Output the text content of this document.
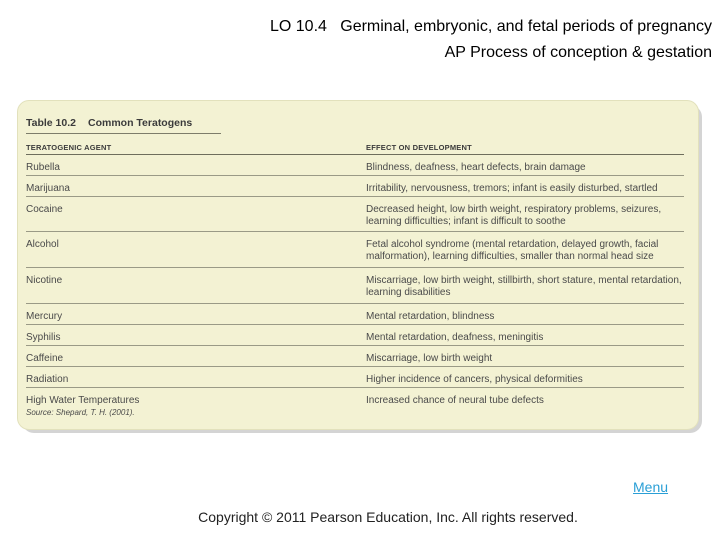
LO 10.4   Germinal, embryonic, and fetal periods of pregnancy
AP Process of conception & gestation
Table 10.2 Common Teratogens
TERATOGENIC AGENT	EFFECT ON DEVELOPMENT
Rubella	Blindness, deafness, heart defects, brain damage
Marijuana	Irritability, nervousness, tremors; infant is easily disturbed, startled
Cocaine	Decreased height, low birth weight, respiratory problems, seizures, learning difficulties; infant is difficult to soothe
Alcohol	Fetal alcohol syndrome (mental retardation, delayed growth, facial malformation), learning difficulties, smaller than normal head size
Nicotine	Miscarriage, low birth weight, stillbirth, short stature, mental retardation, learning disabilities
Mercury	Mental retardation, blindness
Syphilis	Mental retardation, deafness, meningitis
Caffeine	Miscarriage, low birth weight
Radiation	Higher incidence of cancers, physical deformities
High Water Temperatures	Increased chance of neural tube defects
Source: Shepard, T. H. (2001).
Menu
Copyright © 2011 Pearson Education, Inc. All rights reserved.
